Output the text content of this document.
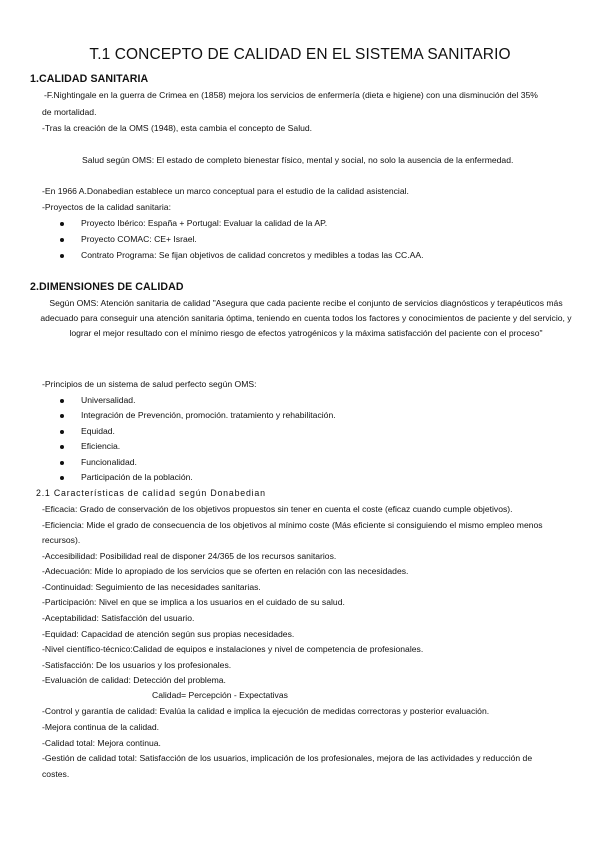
T.1 CONCEPTO DE CALIDAD EN EL SISTEMA SANITARIO
1.CALIDAD SANITARIA
-F.Nightingale en la guerra de Crimea en (1858) mejora los servicios de enfermería (dieta e higiene) con una disminución del 35%
de mortalidad.
-Tras la creación de la OMS (1948), esta cambia el concepto de Salud.
Salud según OMS: El estado de completo bienestar físico, mental y social, no solo la ausencia de la enfermedad.
-En 1966 A.Donabedian establece un marco conceptual para el estudio de la calidad asistencial.
-Proyectos de la calidad sanitaria:
Proyecto Ibérico: España + Portugal: Evaluar la calidad de la AP.
Proyecto COMAC: CE+ Israel.
Contrato Programa: Se fijan objetivos de calidad concretos y medibles a todas las CC.AA.
2.DIMENSIONES DE CALIDAD
Según OMS: Atención sanitaria de calidad "Asegura que cada paciente recibe el conjunto de servicios diagnósticos y terapéuticos más adecuado para conseguir una atención sanitaria óptima, teniendo en cuenta todos los factores y conocimientos de paciente y del servicio, y lograr el mejor resultado con el mínimo riesgo de efectos yatrogénicos y la máxima satisfacción del paciente con el proceso"
-Principios de un sistema de salud perfecto según OMS:
Universalidad.
Integración de Prevención, promoción. tratamiento y rehabilitación.
Equidad.
Eficiencia.
Funcionalidad.
Participación de la población.
2.1 Características de calidad según Donabedian
-Eficacia: Grado de conservación de los objetivos propuestos sin tener en cuenta el coste (eficaz cuando cumple objetivos).
-Eficiencia: Mide el grado de consecuencia de los objetivos al mínimo coste (Más eficiente si consiguiendo el mismo empleo menos
recursos).
-Accesibilidad: Posibilidad real de disponer 24/365 de los recursos sanitarios.
-Adecuación: Mide lo apropiado de los servicios que se oferten en relación con las necesidades.
-Continuidad: Seguimiento de las necesidades sanitarias.
-Participación: Nivel en que se implica a los usuarios en el cuidado de su salud.
-Aceptabilidad: Satisfacción del usuario.
-Equidad: Capacidad de atención según sus propias necesidades.
-Nivel científico-técnico:Calidad de equipos e instalaciones y nivel de competencia de profesionales.
-Satisfacción: De los usuarios y los profesionales.
-Evaluación de calidad: Detección del problema.
Calidad= Percepción - Expectativas
-Control y garantía de calidad: Evalúa la calidad e implica la ejecución de medidas correctoras y posterior evaluación.
-Mejora continua de la calidad.
-Calidad total: Mejora continua.
-Gestión de calidad total: Satisfacción de los usuarios, implicación de los profesionales, mejora de las actividades y reducción de
costes.
